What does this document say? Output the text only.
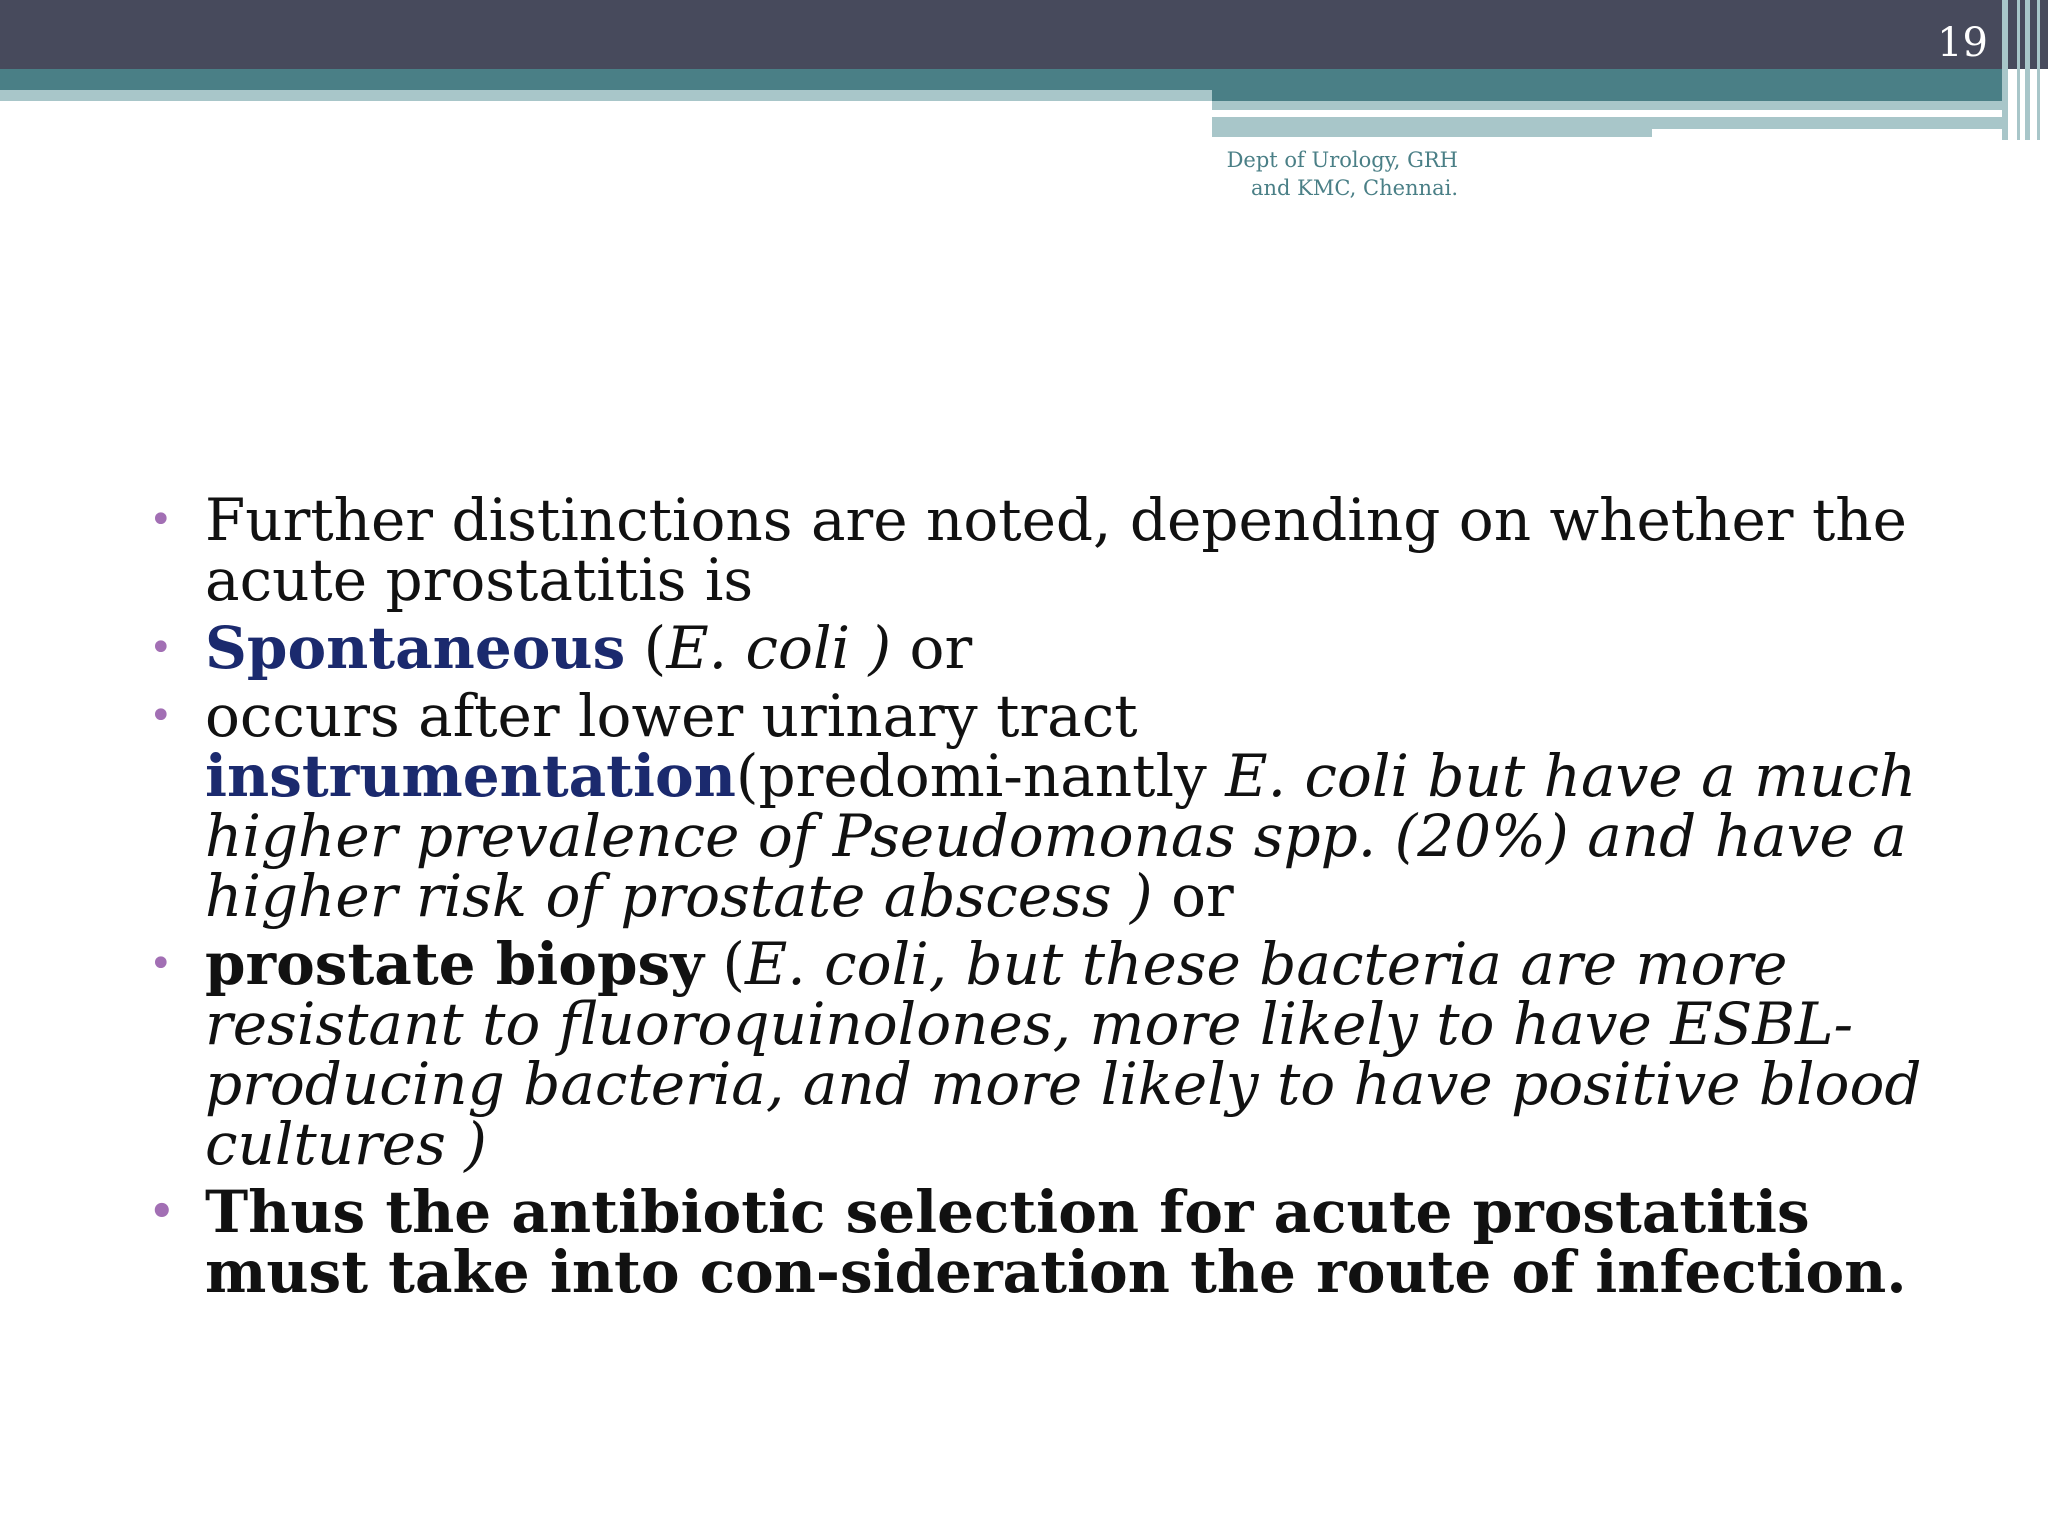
19
Dept of Urology, GRH
and KMC, Chennai.
• Further distinctions are noted, depending on whether the acute prostatitis is
• Spontaneous (E. coli ) or
• occurs after lower urinary tract instrumentation(predomi-nantly E. coli but have a much higher prevalence of Pseudomonas spp. (20%) and have a higher risk of prostate abscess ) or
• prostate biopsy (E. coli, but these bacteria are more resistant to fluoroquinolones, more likely to have ESBL-producing bacteria, and more likely to have positive blood cultures )
• Thus the antibiotic selection for acute prostatitis must take into con-sideration the route of infection.
